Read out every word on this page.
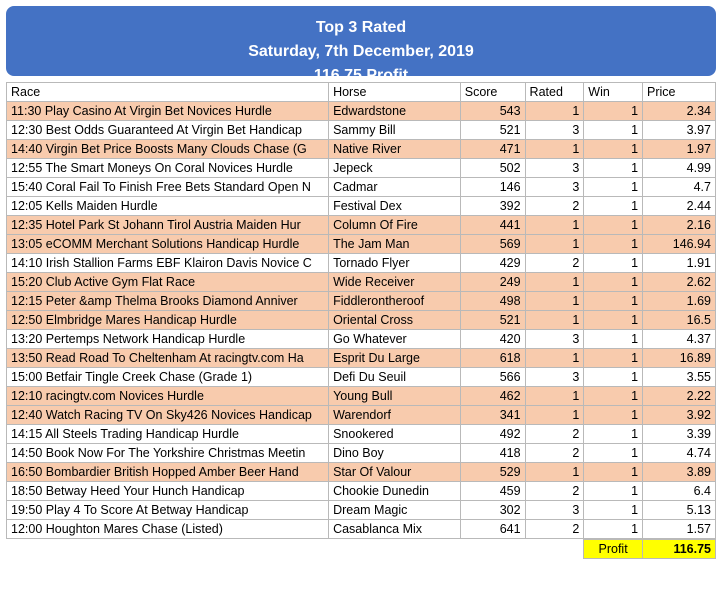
Top 3 Rated
Saturday, 7th December, 2019
116.75 Profit
Race	Horse	Score	Rated	Win	Price
11:30 Play Casino At Virgin Bet Novices Hurdle	Edwardstone	543	1	1	2.34
12:30 Best Odds Guaranteed At Virgin Bet Handicap	Sammy Bill	521	3	1	3.97
14:40 Virgin Bet Price Boosts Many Clouds Chase (G	Native River	471	1	1	1.97
12:55 The Smart Moneys On Coral Novices Hurdle	Jepeck	502	3	1	4.99
15:40 Coral Fail To Finish Free Bets Standard Open N	Cadmar	146	3	1	4.7
12:05 Kells Maiden Hurdle	Festival Dex	392	2	1	2.44
12:35 Hotel Park St Johann Tirol Austria Maiden Hur	Column Of Fire	441	1	1	2.16
13:05 eCOMM Merchant Solutions Handicap Hurdle	The Jam Man	569	1	1	146.94
14:10 Irish Stallion Farms EBF Klairon Davis Novice C	Tornado Flyer	429	2	1	1.91
15:20 Club Active Gym Flat Race	Wide Receiver	249	1	1	2.62
12:15 Peter &amp Thelma Brooks Diamond Anniver	Fiddlerontheroof	498	1	1	1.69
12:50 Elmbridge Mares Handicap Hurdle	Oriental Cross	521	1	1	16.5
13:20 Pertemps Network Handicap Hurdle	Go Whatever	420	3	1	4.37
13:50 Read Road To Cheltenham At racingtv.com Ha	Esprit Du Large	618	1	1	16.89
15:00 Betfair Tingle Creek Chase (Grade 1)	Defi Du Seuil	566	3	1	3.55
12:10 racingtv.com Novices Hurdle	Young Bull	462	1	1	2.22
12:40 Watch Racing TV On Sky426 Novices Handicap	Warendorf	341	1	1	3.92
14:15 All Steels Trading Handicap Hurdle	Snookered	492	2	1	3.39
14:50 Book Now For The Yorkshire Christmas Meetin	Dino Boy	418	2	1	4.74
16:50 Bombardier British Hopped Amber Beer Hand	Star Of Valour	529	1	1	3.89
18:50 Betway Heed Your Hunch Handicap	Chookie Dunedin	459	2	1	6.4
19:50 Play 4 To Score At Betway Handicap	Dream Magic	302	3	1	5.13
12:00 Houghton Mares Chase (Listed)	Casablanca Mix	641	2	1	1.57
				Profit	116.75
